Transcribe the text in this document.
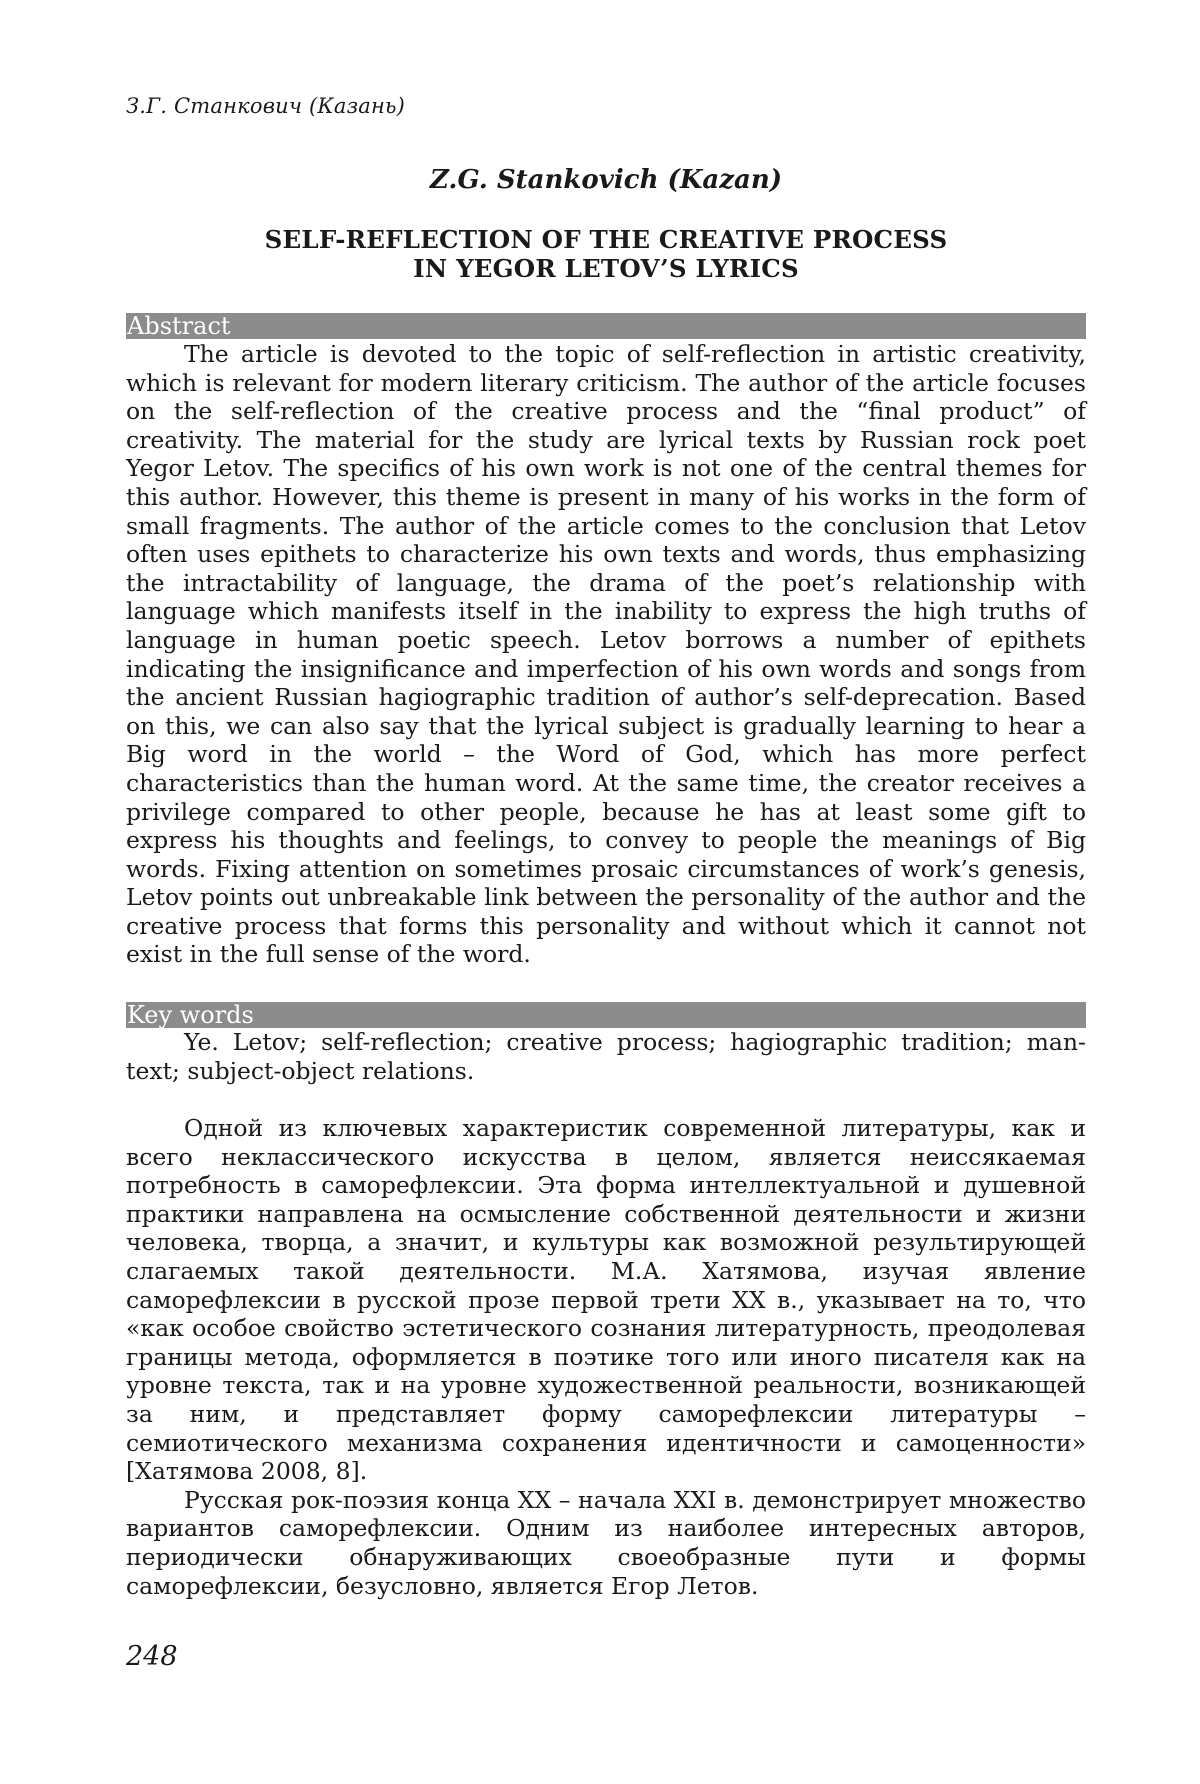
З.Г. Станкович (Казань)
Z.G. Stankovich (Kazan)
SELF-REFLECTION OF THE CREATIVE PROCESS
IN YEGOR LETOV’S LYRICS
Abstract

The article is devoted to the topic of self-reflection in artistic creativity, which is relevant for modern literary criticism. The author of the article focuses on the self-reflection of the creative process and the “final product” of creativity. The material for the study are lyrical texts by Russian rock poet Yegor Letov. The specifics of his own work is not one of the central themes for this author. However, this theme is present in many of his works in the form of small fragments. The author of the article comes to the conclusion that Letov often uses epithets to characterize his own texts and words, thus emphasizing the intractability of language, the drama of the poet’s relationship with language which manifests itself in the inability to express the high truths of language in human poetic speech. Letov borrows a number of epithets indicating the insignificance and imperfection of his own words and songs from the ancient Russian hagiographic tradition of author’s self-deprecation. Based on this, we can also say that the lyrical subject is gradually learning to hear a Big word in the world – the Word of God, which has more perfect characteristics than the human word. At the same time, the creator receives a privilege compared to other people, because he has at least some gift to express his thoughts and feelings, to convey to people the meanings of Big words. Fixing attention on sometimes prosaic circumstances of work’s genesis, Letov points out unbreakable link between the personality of the author and the creative process that forms this personality and without which it cannot not exist in the full sense of the word.

Key words

Ye. Letov; self-reflection; creative process; hagiographic tradition; man-text; subject-object relations.

Одной из ключевых характеристик современной литературы, как и всего неклассического искусства в целом, является неиссякаемая потребность в саморефлексии. Эта форма интеллектуальной и душевной практики направлена на осмысление собственной деятельности и жизни человека, творца, а значит, и культуры как возможной результирующей слагаемых такой деятельности. М.А. Хатямова, изучая явление саморефлексии в русской прозе первой трети XX в., указывает на то, что «как особое свойство эстетического сознания литературность, преодолевая границы метода, оформляется в поэтике того или иного писателя как на уровне текста, так и на уровне художественной реальности, возникающей за ним, и представляет форму саморефлексии литературы – семиотического механизма сохранения идентичности и самоценности» [Хатямова 2008, 8].

Русская рок-поэзия конца XX – начала XXI в. демонстрирует множество вариантов саморефлексии. Одним из наиболее интересных авторов, периодически обнаруживающих своеобразные пути и формы саморефлексии, безусловно, является Егор Летов.

248
